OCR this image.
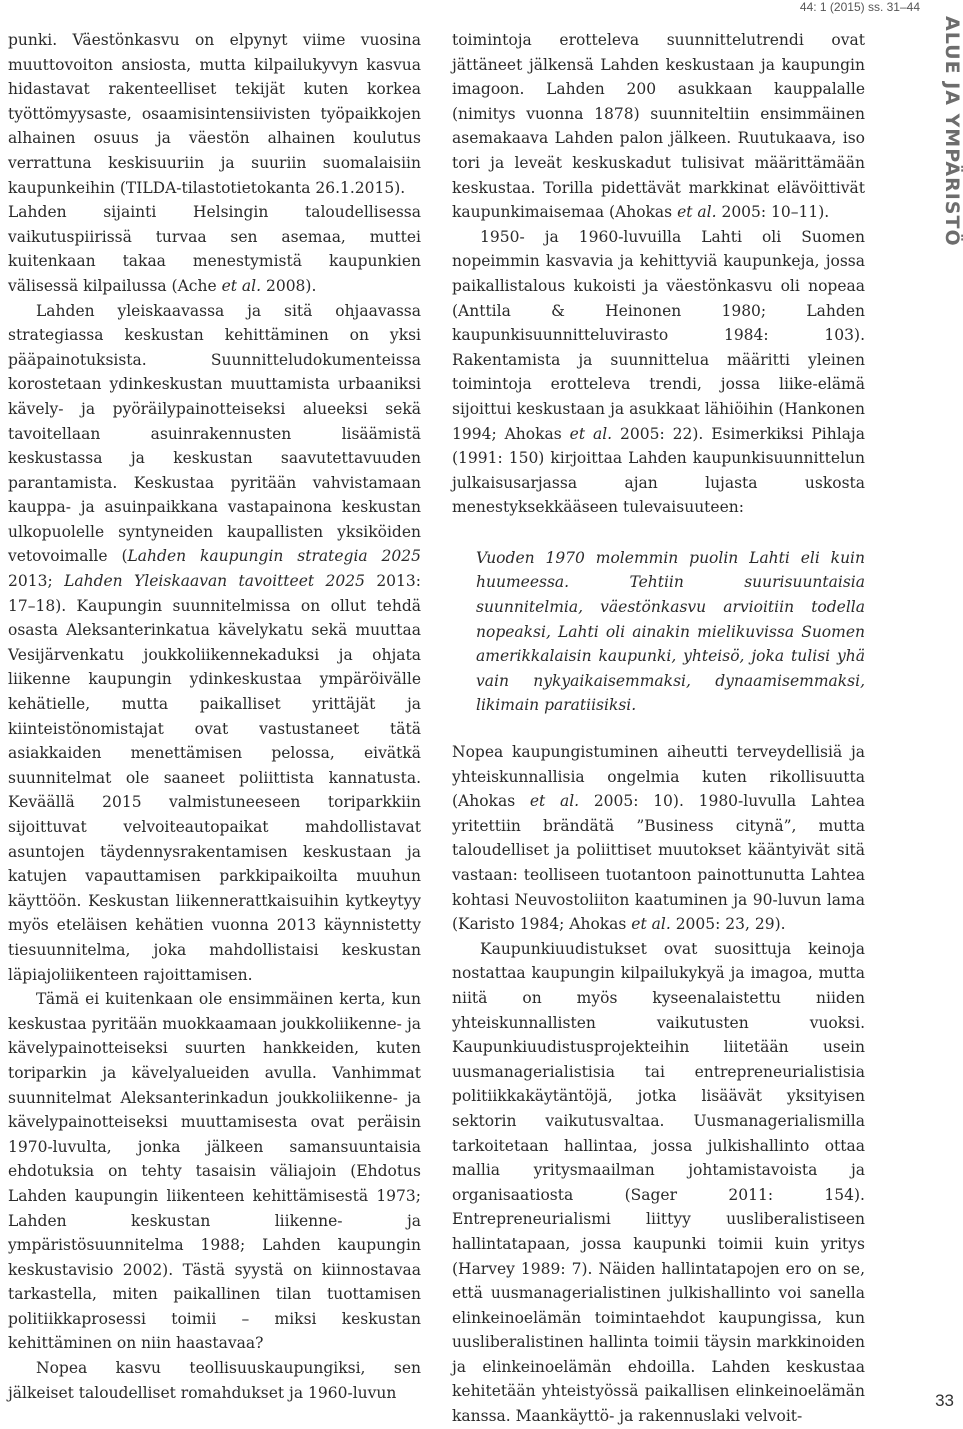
44: 1 (2015) ss. 31–44
ALUE JA YMPÄRISTÖ

punki. Väestönkasvu on elpynyt viime vuosina muuttovoiton ansiosta, mutta kilpailukyvyn kasvua hidastavat rakenteelliset tekijät kuten korkea työttömyysaste, osaamisintensiivisten työpaikkojen alhainen osuus ja väestön alhainen koulutus verrattuna keskisuuriin ja suuriin suomalaisiin kaupunkeihin (TILDA-tilastotietokanta 26.1.2015).

Lahden sijainti Helsingin taloudellisessa vaikutuspiirissä turvaa sen asemaa, muttei kuitenkaan takaa menestymistä kaupunkien välisessä kilpailussa (Ache et al. 2008).

Lahden yleiskaavassa ja sitä ohjaavassa strategiassa keskustan kehittäminen on yksi pääpainotuksista. Suunnitteludokumenteissa korostetaan ydinkeskustan muuttamista urbaaniksi kävely- ja pyöräilypainotteiseksi alueeksi sekä tavoitellaan asuinrakennusten lisäämistä keskustassa ja keskustan saavutettavuuden parantamista. Keskustaa pyritään vahvistamaan kauppa- ja asuinpaikkana vastapainona keskustan ulkopuolelle syntyneiden kaupallisten yksiköiden vetovoimalle (Lahden kaupungin strategia 2025 2013; Lahden Yleiskaavan tavoitteet 2025 2013: 17–18). Kaupungin suunnitelmissa on ollut tehdä osasta Aleksanterinkatua kävelykatu sekä muuttaa Vesijärvenkatu joukkoliikennekaduksi ja ohjata liikenne kaupungin ydinkeskustaa ympäröivälle kehätielle, mutta paikalliset yrittäjät ja kiinteistönomistajat ovat vastustaneet tätä asiakkaiden menettämisen pelossa, eivätkä suunnitelmat ole saaneet poliittista kannatusta. Keväällä 2015 valmistuneeseen toriparkkiin sijoittuvat velvoiteautopaikat mahdollistavat asuntojen täydennysrakentamisen keskustaan ja katujen vapauttamisen parkkipaikoilta muuhun käyttöön. Keskustan liikennerattkaisuihin kytkeytyy myös eteläisen kehätien vuonna 2013 käynnistetty tiesuunnitelma, joka mahdollistaisi keskustan läpiajoliikenteen rajoittamisen.

Tämä ei kuitenkaan ole ensimmäinen kerta, kun keskustaa pyritään muokkaamaan joukkoliikenne- ja kävelypainotteiseksi suurten hankkeiden, kuten toriparkin ja kävelyalueiden avulla. Vanhimmat suunnitelmat Aleksanterinkadun joukkoliikenne- ja kävelypainotteiseksi muuttamisesta ovat peräisin 1970-luvulta, jonka jälkeen samansuuntaisia ehdotuksia on tehty tasaisin väliajoin (Ehdotus Lahden kaupungin liikenteen kehittämisestä 1973; Lahden keskustan liikenne- ja ympäristösuunnitelma 1988; Lahden kaupungin keskustavisio 2002). Tästä syystä on kiinnostavaa tarkastella, miten paikallinen tilan tuottamisen politiikkaprosessi toimii – miksi keskustan kehittäminen on niin haastavaa?

Nopea kasvu teollisuuskaupungiksi, sen jälkeiset taloudelliset romahdukset ja 1960-luvun

toimintoja erotteleva suunnittelutrendi ovat jättäneet jälkensä Lahden keskustaan ja kaupungin imagoon. Lahden 200 asukkaan kauppalalle (nimitys vuonna 1878) suunniteltiin ensimmäinen asemakaava Lahden palon jälkeen. Ruutukaava, iso tori ja leveät keskuskadut tulisivat määrittämään keskustaa. Torilla pidettävät markkinat elävöittivät kaupunkimaisemaa (Ahokas et al. 2005: 10–11).

1950- ja 1960-luvuilla Lahti oli Suomen nopeimmin kasvavia ja kehittyviä kaupunkeja, jossa paikallistalous kukoisti ja väestönkasvu oli nopeaa (Anttila & Heinonen 1980; Lahden kaupunkisuunnitteluvirasto 1984: 103). Rakentamista ja suunnittelua määritti yleinen toimintoja erotteleva trendi, jossa liike-elämä sijoittui keskustaan ja asukkaat lähiöihin (Hankonen 1994; Ahokas et al. 2005: 22). Esimerkiksi Pihlaja (1991: 150) kirjoittaa Lahden kaupunkisuunnittelun julkaisusarjassa ajan lujasta uskosta menestyksekkääseen tulevaisuuteen:

Vuoden 1970 molemmin puolin Lahti eli kuin huumeessa. Tehtiin suurisuuntaisia suunnitelmia, väestönkasvu arvioitiin todella nopeaksi, Lahti oli ainakin mielikuvissa Suomen amerikkalaisin kaupunki, yhteisö, joka tulisi yhä vain nykyaikaisemmaksi, dynaamisemmaksi, likimain paratiisiksi.

Nopea kaupungistuminen aiheutti terveydellisiä ja yhteiskunnallisia ongelmia kuten rikollisuutta (Ahokas et al. 2005: 10). 1980-luvulla Lahtea yritettiin brändätä ”Business citynä”, mutta taloudelliset ja poliittiset muutokset kääntyivät sitä vastaan: teolliseen tuotantoon painottunutta Lahtea kohtasi Neuvostoliiton kaatuminen ja 90-luvun lama (Karisto 1984; Ahokas et al. 2005: 23, 29).

Kaupunkiuudistukset ovat suosittuja keinoja nostattaa kaupungin kilpailukykyä ja imagoa, mutta niitä on myös kyseenalaistettu niiden yhteiskunnallisten vaikutusten vuoksi. Kaupunkiuudistusprojekteihin liitetään usein uusmanagerialistisia tai entrepreneurialistisia politiikkakäytäntöjä, jotka lisäävät yksityisen sektorin vaikutusvaltaa. Uusmanagerialismilla tarkoitetaan hallintaa, jossa julkishallinto ottaa mallia yritysmaailman johtamistavoista ja organisaatiosta (Sager 2011: 154). Entrepreneurialismi liittyy uusliberalistiseen hallintatapaan, jossa kaupunki toimii kuin yritys (Harvey 1989: 7). Näiden hallintatapojen ero on se, että uusmanagerialistinen julkishallinto voi sanella elinkeinoelämän toimintaehdot kaupungissa, kun uusliberalistinen hallinta toimii täysin markkinoiden ja elinkeinoelämän ehdoilla. Lahden keskustaa kehitetään yhteistyössä paikallisen elinkeinoelämän kanssa. Maankäyttö- ja rakennuslaki velvoit-

33
